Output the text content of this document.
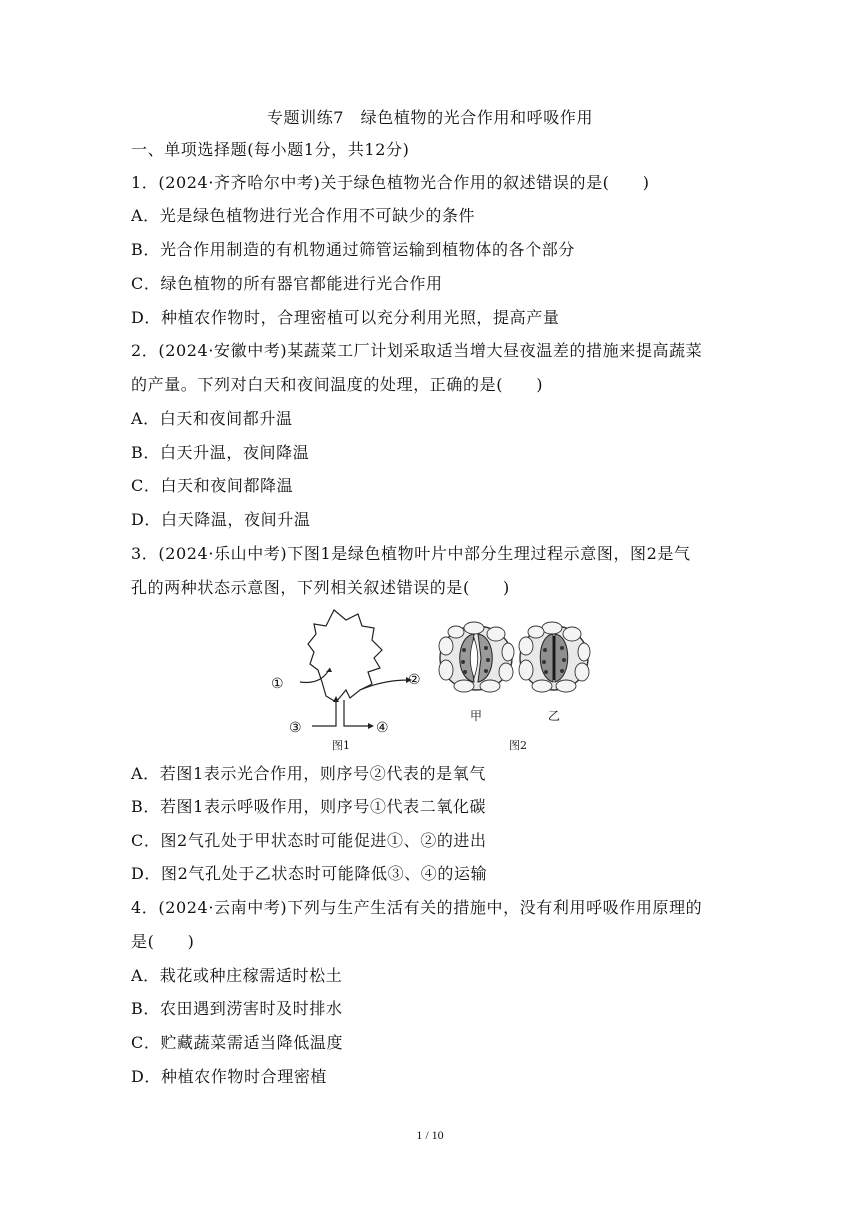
专题训练7　绿色植物的光合作用和呼吸作用
一、单项选择题(每小题1分，共12分)
1．(2024·齐齐哈尔中考)关于绿色植物光合作用的叙述错误的是(　　)
A．光是绿色植物进行光合作用不可缺少的条件
B．光合作用制造的有机物通过筛管运输到植物体的各个部分
C．绿色植物的所有器官都能进行光合作用
D．种植农作物时，合理密植可以充分利用光照，提高产量
2．(2024·安徽中考)某蔬菜工厂计划采取适当增大昼夜温差的措施来提高蔬菜
的产量。下列对白天和夜间温度的处理，正确的是(　　)
A．白天和夜间都升温
B．白天升温，夜间降温
C．白天和夜间都降温
D．白天降温，夜间升温
3．(2024·乐山中考)下图1是绿色植物叶片中部分生理过程示意图，图2是气
孔的两种状态示意图，下列相关叙述错误的是(　　)
①	②
③	④
图1
甲	乙
图2
A．若图1表示光合作用，则序号②代表的是氧气
B．若图1表示呼吸作用，则序号①代表二氧化碳
C．图2气孔处于甲状态时可能促进①、②的进出
D．图2气孔处于乙状态时可能降低③、④的运输
4．(2024·云南中考)下列与生产生活有关的措施中，没有利用呼吸作用原理的
是(　　)
A．栽花或种庄稼需适时松土
B．农田遇到涝害时及时排水
C．贮藏蔬菜需适当降低温度
D．种植农作物时合理密植
1 / 10
